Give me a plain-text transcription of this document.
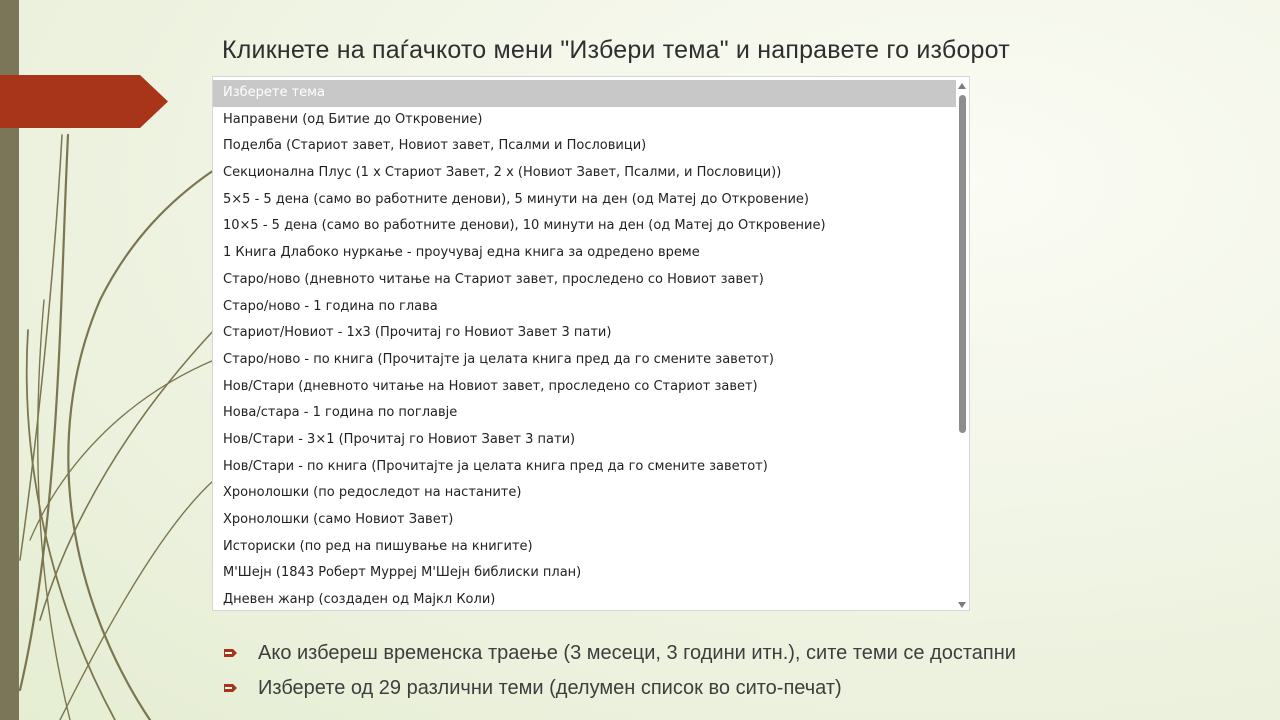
Кликнете на паѓачкото мени "Избери тема" и направете го изборот
Изберете тема
Направени (од Битие до Откровение)
Поделба (Стариот завет, Новиот завет, Псалми и Пословици)
Секционална Плус (1 x Стариот Завет, 2 x (Новиот Завет, Псалми, и Пословици))
5×5 - 5 дена (само во работните денови), 5 минути на ден (од Матеј до Откровение)
10×5 - 5 дена (само во работните денови), 10 минути на ден (од Матеј до Откровение)
1 Книга Длабоко нуркање - проучувај една книга за одредено време
Старо/ново (дневното читање на Стариот завет, проследено со Новиот завет)
Старо/ново - 1 година по глава
Стариот/Новиот - 1x3 (Прочитај го Новиот Завет 3 пати)
Старо/ново - по книга (Прочитајте ја целата книга пред да го смените заветот)
Нов/Стари (дневното читање на Новиот завет, проследено со Стариот завет)
Нова/стара - 1 година по поглавје
Нов/Стари - 3×1 (Прочитај го Новиот Завет 3 пати)
Нов/Стари - по книга (Прочитајте ја целата книга пред да го смените заветот)
Хронолошки (по редоследот на настаните)
Хронолошки (само Новиот Завет)
Историски (по ред на пишување на книгите)
М'Шејн (1843 Роберт Мурреј М'Шејн библиски план)
Дневен жанр (создаден од Мајкл Коли)
Ако избереш временска траење (3 месеци, 3 години итн.), сите теми се достапни
Изберете од 29 различни теми (делумен список во сито-печат)
